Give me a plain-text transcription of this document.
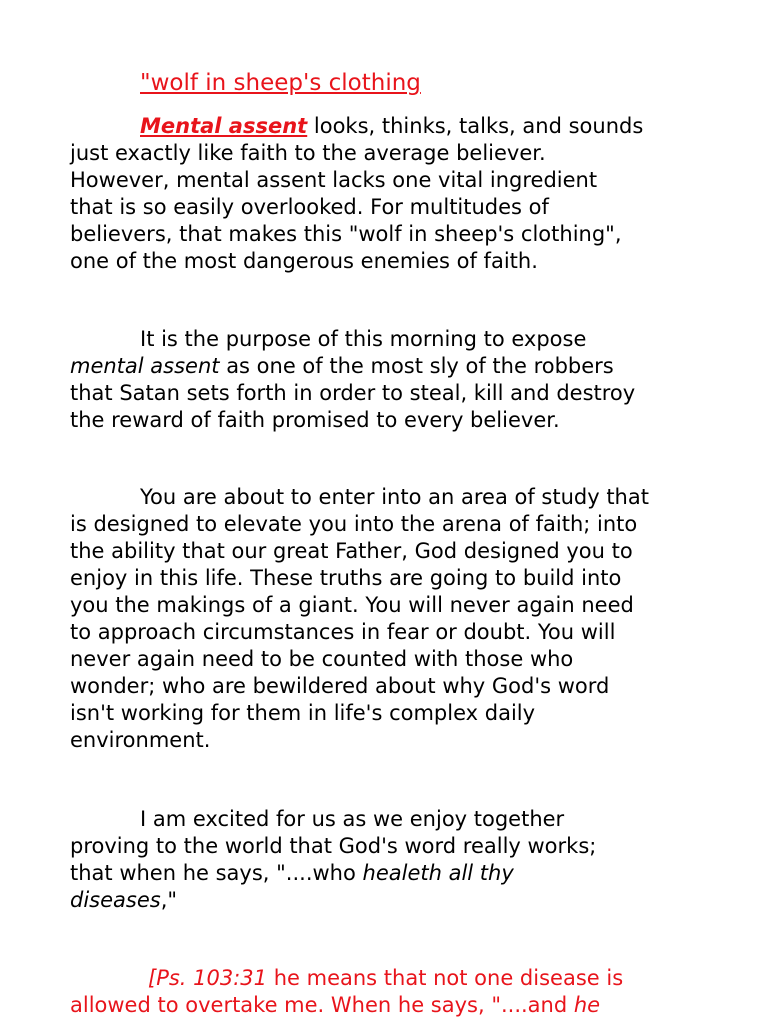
"wolf in sheep's clothing
Mental assent looks, thinks, talks, and sounds
just exactly like faith to the average believer.
However, mental assent lacks one vital ingredient
that is so easily overlooked. For multitudes of
believers, that makes this "wolf in sheep's clothing",
one of the most dangerous enemies of faith.
It is the purpose of this morning to expose
mental assent as one of the most sly of the robbers
that Satan sets forth in order to steal, kill and destroy
the reward of faith promised to every believer.
You are about to enter into an area of study that
is designed to elevate you into the arena of faith; into
the ability that our great Father, God designed you to
enjoy in this life. These truths are going to build into
you the makings of a giant. You will never again need
to approach circumstances in fear or doubt. You will
never again need to be counted with those who
wonder; who are bewildered about why God's word
isn't working for them in life's complex daily
environment.
I am excited for us as we enjoy together
proving to the world that God's word really works;
that when he says, "....who healeth all thy
diseases,"
[Ps. 103:31 he means that not one disease is
allowed to overtake me. When he says, "....and he
